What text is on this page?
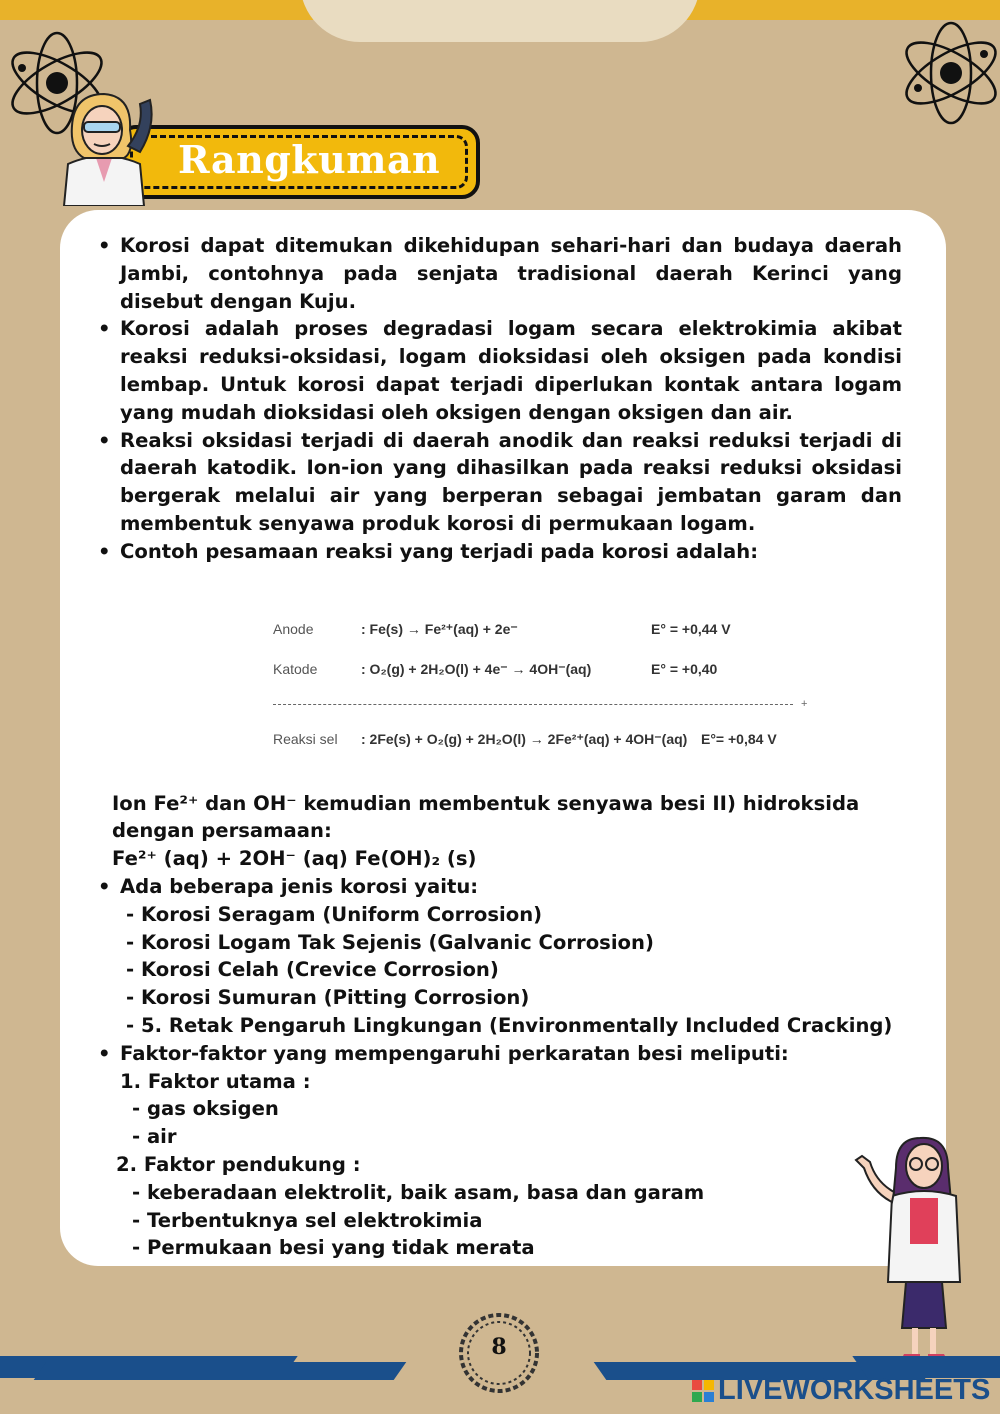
Rangkuman
• Korosi dapat ditemukan dikehidupan sehari-hari dan budaya daerah Jambi, contohnya pada senjata tradisional daerah Kerinci yang disebut dengan Kuju.
• Korosi adalah proses degradasi logam secara elektrokimia akibat reaksi reduksi-oksidasi, logam dioksidasi oleh oksigen pada kondisi lembap. Untuk korosi dapat terjadi diperlukan kontak antara logam yang mudah dioksidasi oleh oksigen dengan oksigen dan air.
• Reaksi oksidasi terjadi di daerah anodik dan reaksi reduksi terjadi di daerah katodik. Ion-ion yang dihasilkan pada reaksi reduksi oksidasi bergerak melalui air yang berperan sebagai jembatan garam dan membentuk senyawa produk korosi di permukaan logam.
• Contoh pesamaan reaksi yang terjadi pada korosi adalah:
Anode	: Fe(s) → Fe²⁺(aq) + 2e⁻	E° = +0,44 V
Katode	: O₂(g) + 2H₂O(l) + 4e⁻ → 4OH⁻(aq)	E° = +0,40
+
Reaksi sel	: 2Fe(s) + O₂(g) + 2H₂O(l) → 2Fe²⁺(aq) + 4OH⁻(aq) E°= +0,84 V
Ion Fe²⁺ dan OH⁻ kemudian membentuk senyawa besi II) hidroksida dengan persamaan:
Fe²⁺ (aq) + 2OH⁻ (aq) Fe(OH)₂ (s)
• Ada beberapa jenis korosi yaitu:
- Korosi Seragam (Uniform Corrosion)
- Korosi Logam Tak Sejenis (Galvanic Corrosion)
- Korosi Celah (Crevice Corrosion)
- Korosi Sumuran (Pitting Corrosion)
- 5. Retak Pengaruh Lingkungan (Environmentally Included Cracking)
• Faktor-faktor yang mempengaruhi perkaratan besi meliputi:
1. Faktor utama :
- gas oksigen
- air
2. Faktor pendukung :
- keberadaan elektrolit, baik asam, basa dan garam
- Terbentuknya sel elektrokimia
- Permukaan besi yang tidak merata
8
LIVEWORKSHEETS
